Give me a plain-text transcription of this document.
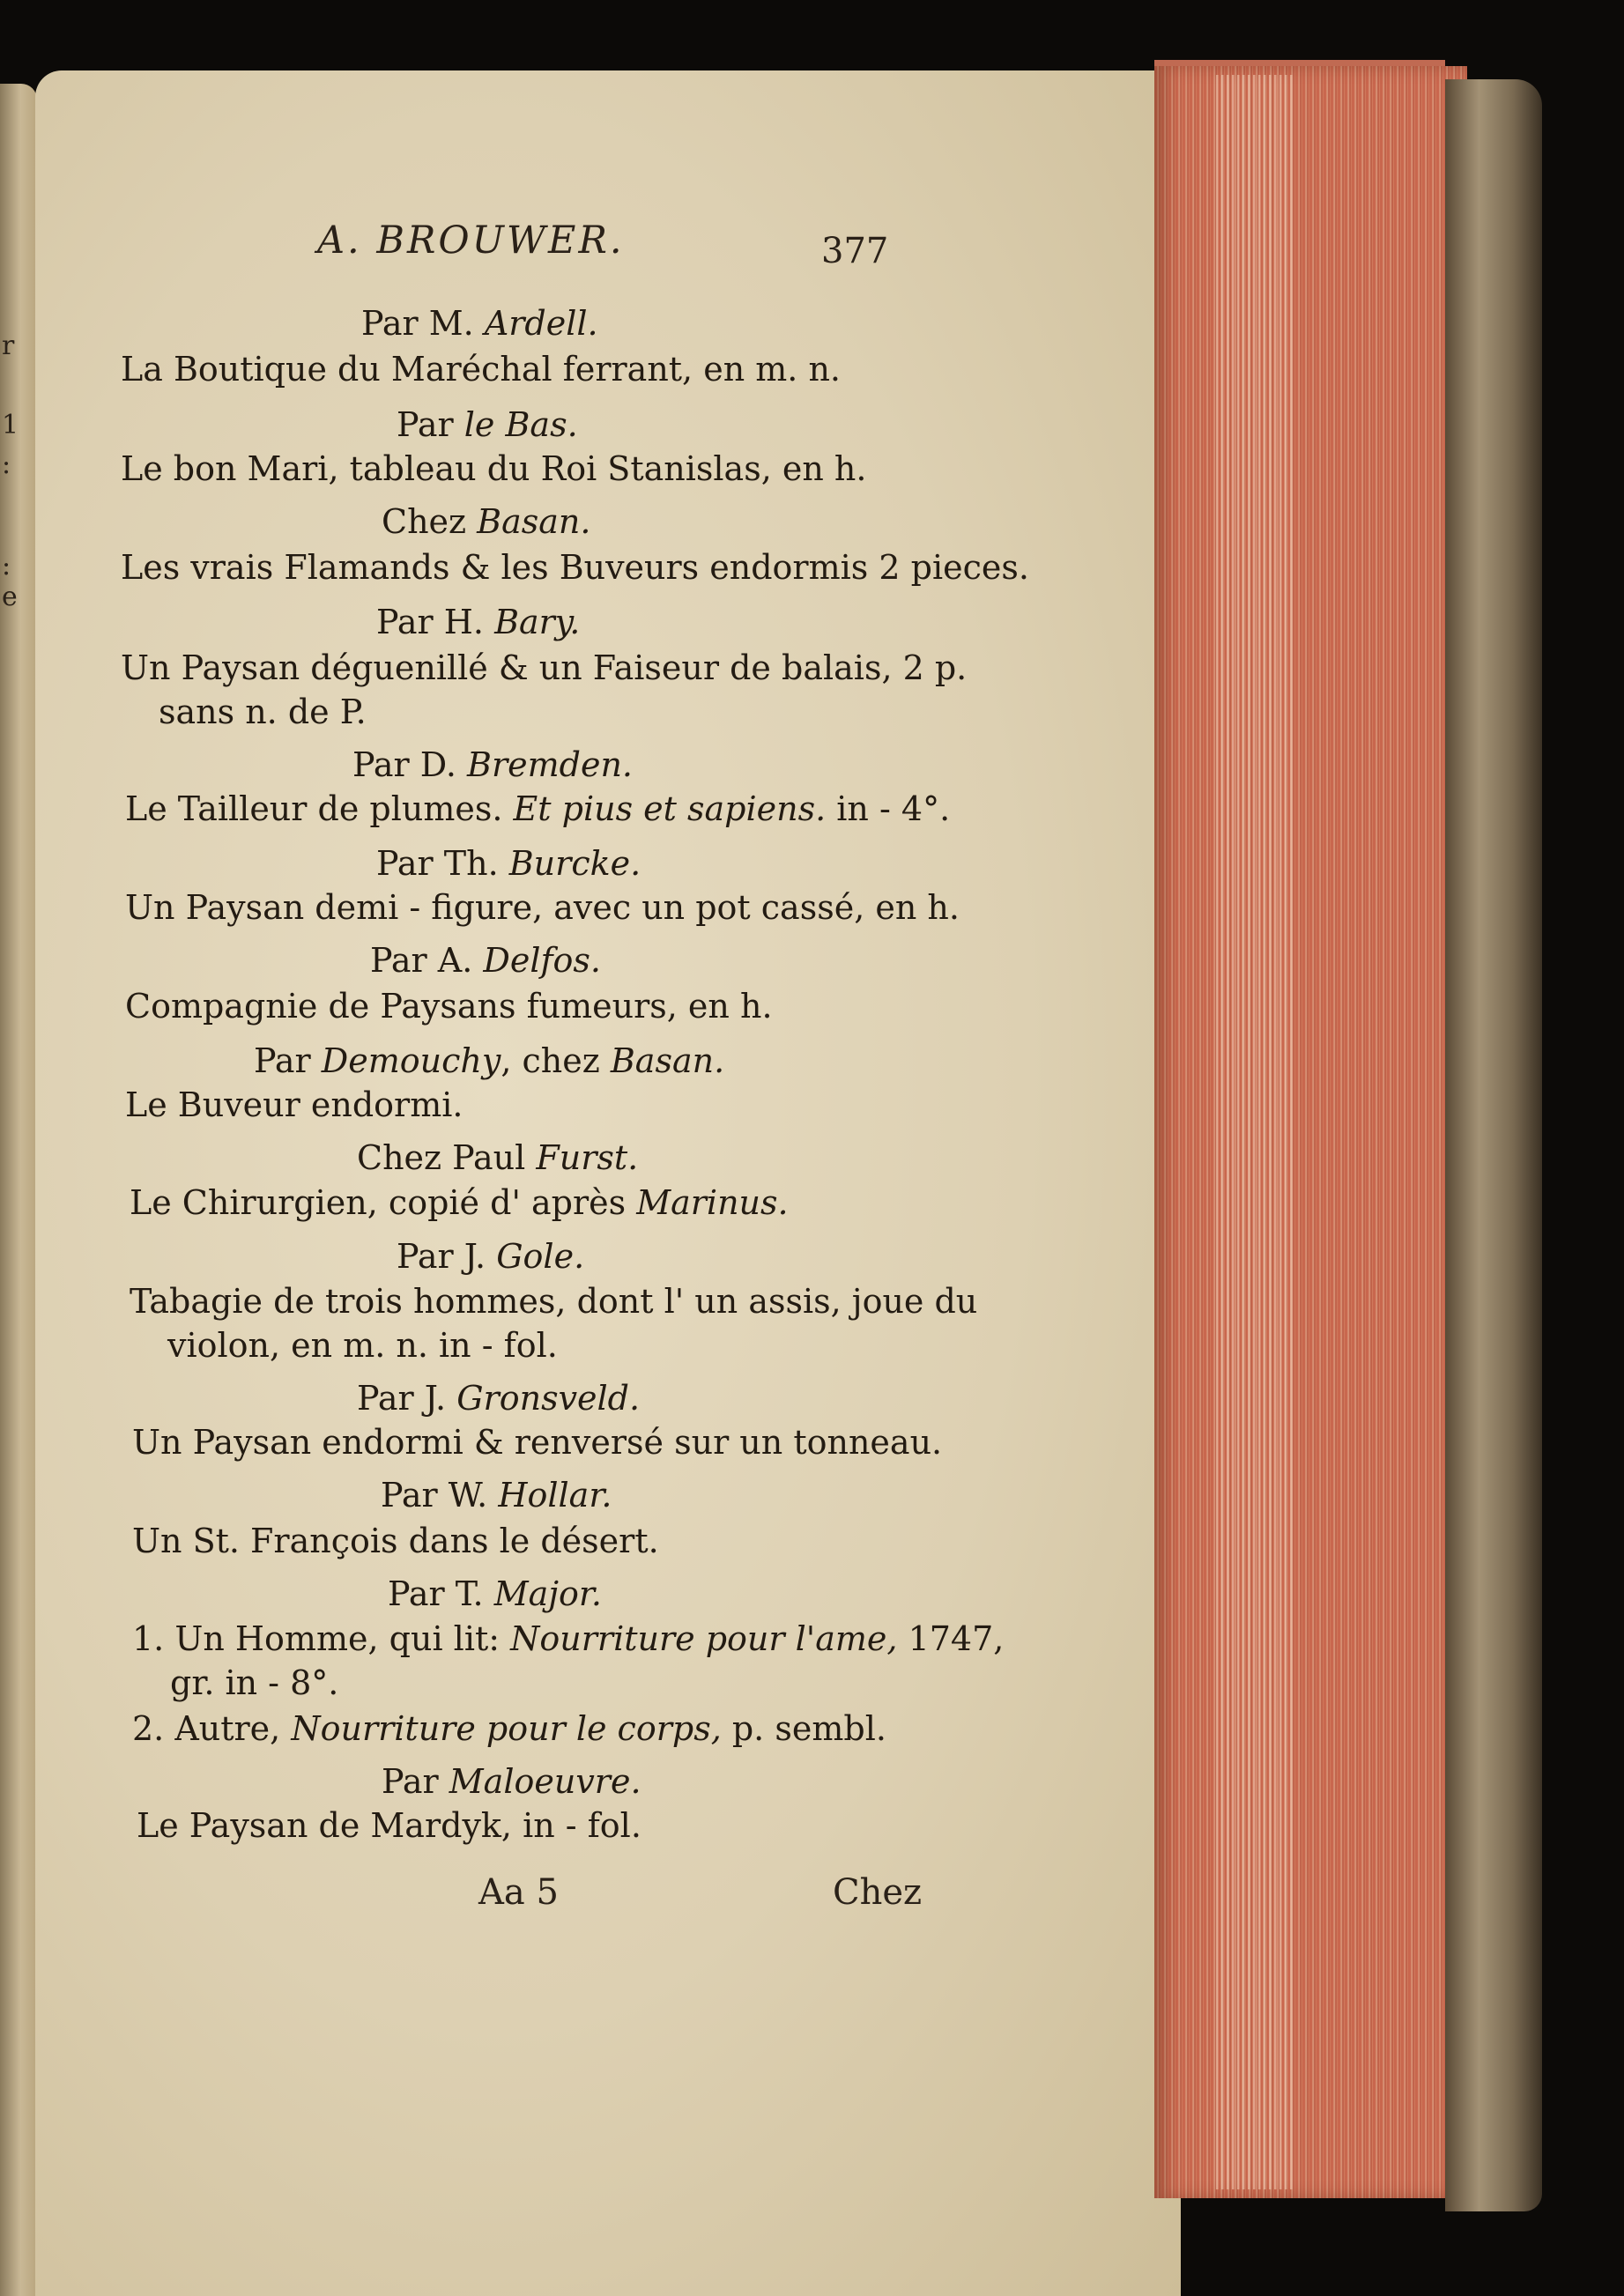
r
1
:
:
e
A. BROUWER.	377
Par M. Ardell.
La Boutique du Maréchal ferrant, en m. n.
Par le Bas.
Le bon Mari, tableau du Roi Stanislas, en h.
Chez Basan.
Les vrais Flamands & les Buveurs endormis 2 pieces.
Par H. Bary.
Un Paysan déguenillé & un Faiseur de balais, 2 p.
sans n. de P.
Par D. Bremden.
Le Tailleur de plumes. Et pius et sapiens. in - 4°.
Par Th. Burcke.
Un Paysan demi - figure, avec un pot cassé, en h.
Par A. Delfos.
Compagnie de Paysans fumeurs, en h.
Par Demouchy, chez Basan.
Le Buveur endormi.
Chez Paul Furst.
Le Chirurgien, copié d' après Marinus.
Par J. Gole.
Tabagie de trois hommes, dont l' un assis, joue du
violon, en m. n. in - fol.
Par J. Gronsveld.
Un Paysan endormi & renversé sur un tonneau.
Par W. Hollar.
Un St. François dans le désert.
Par T. Major.
1. Un Homme, qui lit: Nourriture pour l'ame, 1747,
gr. in - 8°.
2. Autre, Nourriture pour le corps, p. sembl.
Par Maloeuvre.
Le Paysan de Mardyk, in - fol.
Aa 5	Chez
